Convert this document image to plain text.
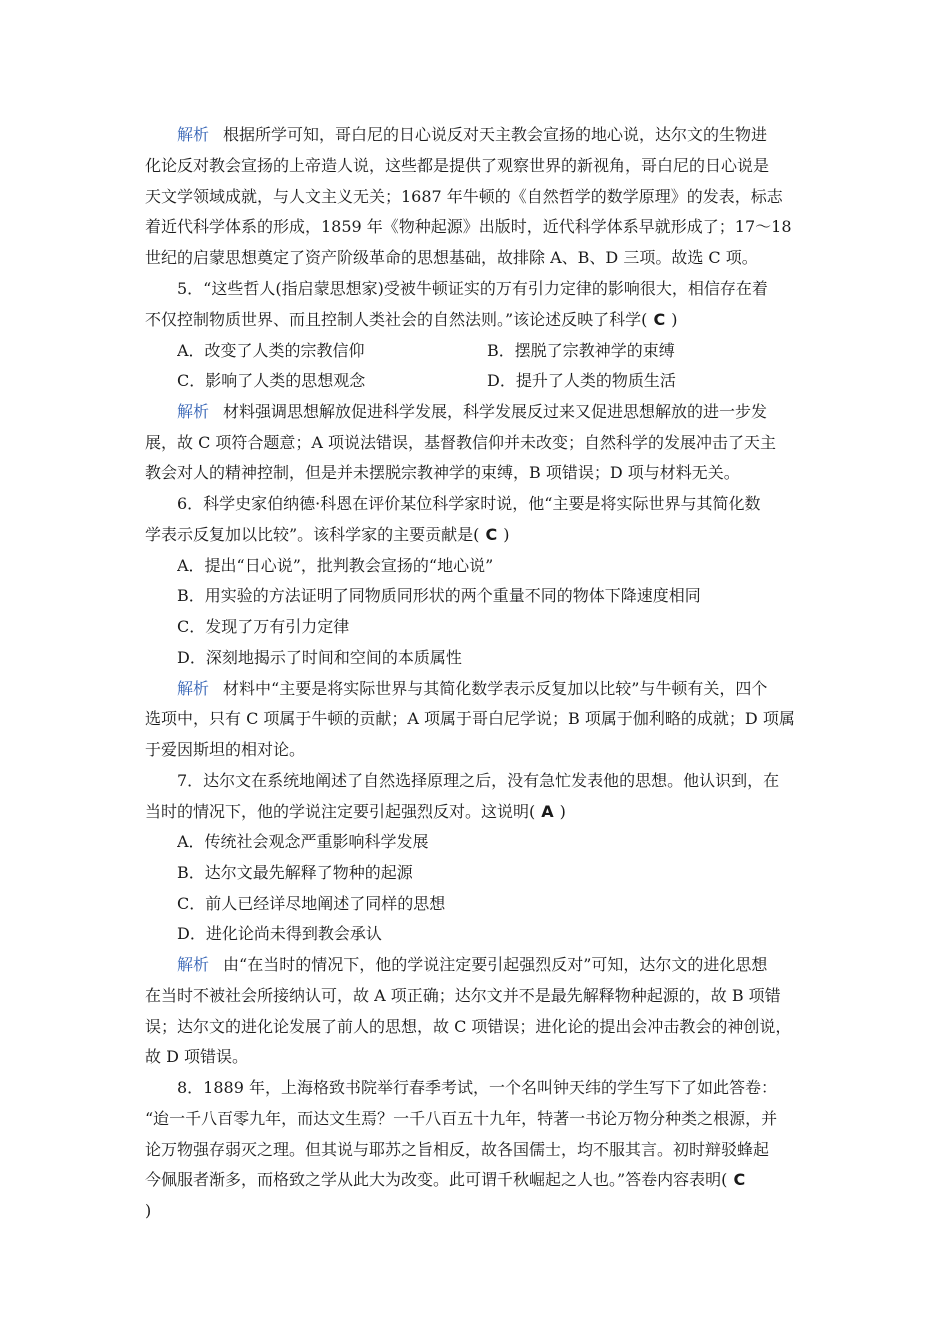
解析 根据所学可知，哥白尼的日心说反对天主教会宣扬的地心说，达尔文的生物进
化论反对教会宣扬的上帝造人说，这些都是提供了观察世界的新视角，哥白尼的日心说是
天文学领域成就，与人文主义无关；1687 年牛顿的《自然哲学的数学原理》的发表，标志
着近代科学体系的形成，1859 年《物种起源》出版时，近代科学体系早就形成了；17～18
世纪的启蒙思想奠定了资产阶级革命的思想基础，故排除 A、B、D 三项。故选 C 项。
5．“这些哲人(指启蒙思想家)受被牛顿证实的万有引力定律的影响很大，相信存在着
不仅控制物质世界、而且控制人类社会的自然法则。”该论述反映了科学( C )
A．改变了人类的宗教信仰	B．摆脱了宗教神学的束缚
C．影响了人类的思想观念	D．提升了人类的物质生活
解析 材料强调思想解放促进科学发展，科学发展反过来又促进思想解放的进一步发
展，故 C 项符合题意；A 项说法错误，基督教信仰并未改变；自然科学的发展冲击了天主
教会对人的精神控制，但是并未摆脱宗教神学的束缚，B 项错误；D 项与材料无关。
6．科学史家伯纳德·科恩在评价某位科学家时说，他“主要是将实际世界与其简化数
学表示反复加以比较”。该科学家的主要贡献是( C )
A．提出“日心说”，批判教会宣扬的“地心说”
B．用实验的方法证明了同物质同形状的两个重量不同的物体下降速度相同
C．发现了万有引力定律
D．深刻地揭示了时间和空间的本质属性
解析 材料中“主要是将实际世界与其简化数学表示反复加以比较”与牛顿有关，四个
选项中，只有 C 项属于牛顿的贡献；A 项属于哥白尼学说；B 项属于伽利略的成就；D 项属
于爱因斯坦的相对论。
7．达尔文在系统地阐述了自然选择原理之后，没有急忙发表他的思想。他认识到，在
当时的情况下，他的学说注定要引起强烈反对。这说明( A )
A．传统社会观念严重影响科学发展
B．达尔文最先解释了物种的起源
C．前人已经详尽地阐述了同样的思想
D．进化论尚未得到教会承认
解析 由“在当时的情况下，他的学说注定要引起强烈反对”可知，达尔文的进化思想
在当时不被社会所接纳认可，故 A 项正确；达尔文并不是最先解释物种起源的，故 B 项错
误；达尔文的进化论发展了前人的思想，故 C 项错误；进化论的提出会冲击教会的神创说，
故 D 项错误。
8．1889 年，上海格致书院举行春季考试，一个名叫钟天纬的学生写下了如此答卷：
“迨一千八百零九年，而达文生焉？一千八百五十九年，特著一书论万物分种类之根源，并
论万物强存弱灭之理。但其说与耶苏之旨相反，故各国儒士，均不服其言。初时辩驳蜂起
今佩服者渐多，而格致之学从此大为改变。此可谓千秋崛起之人也。”答卷内容表明( C
)
